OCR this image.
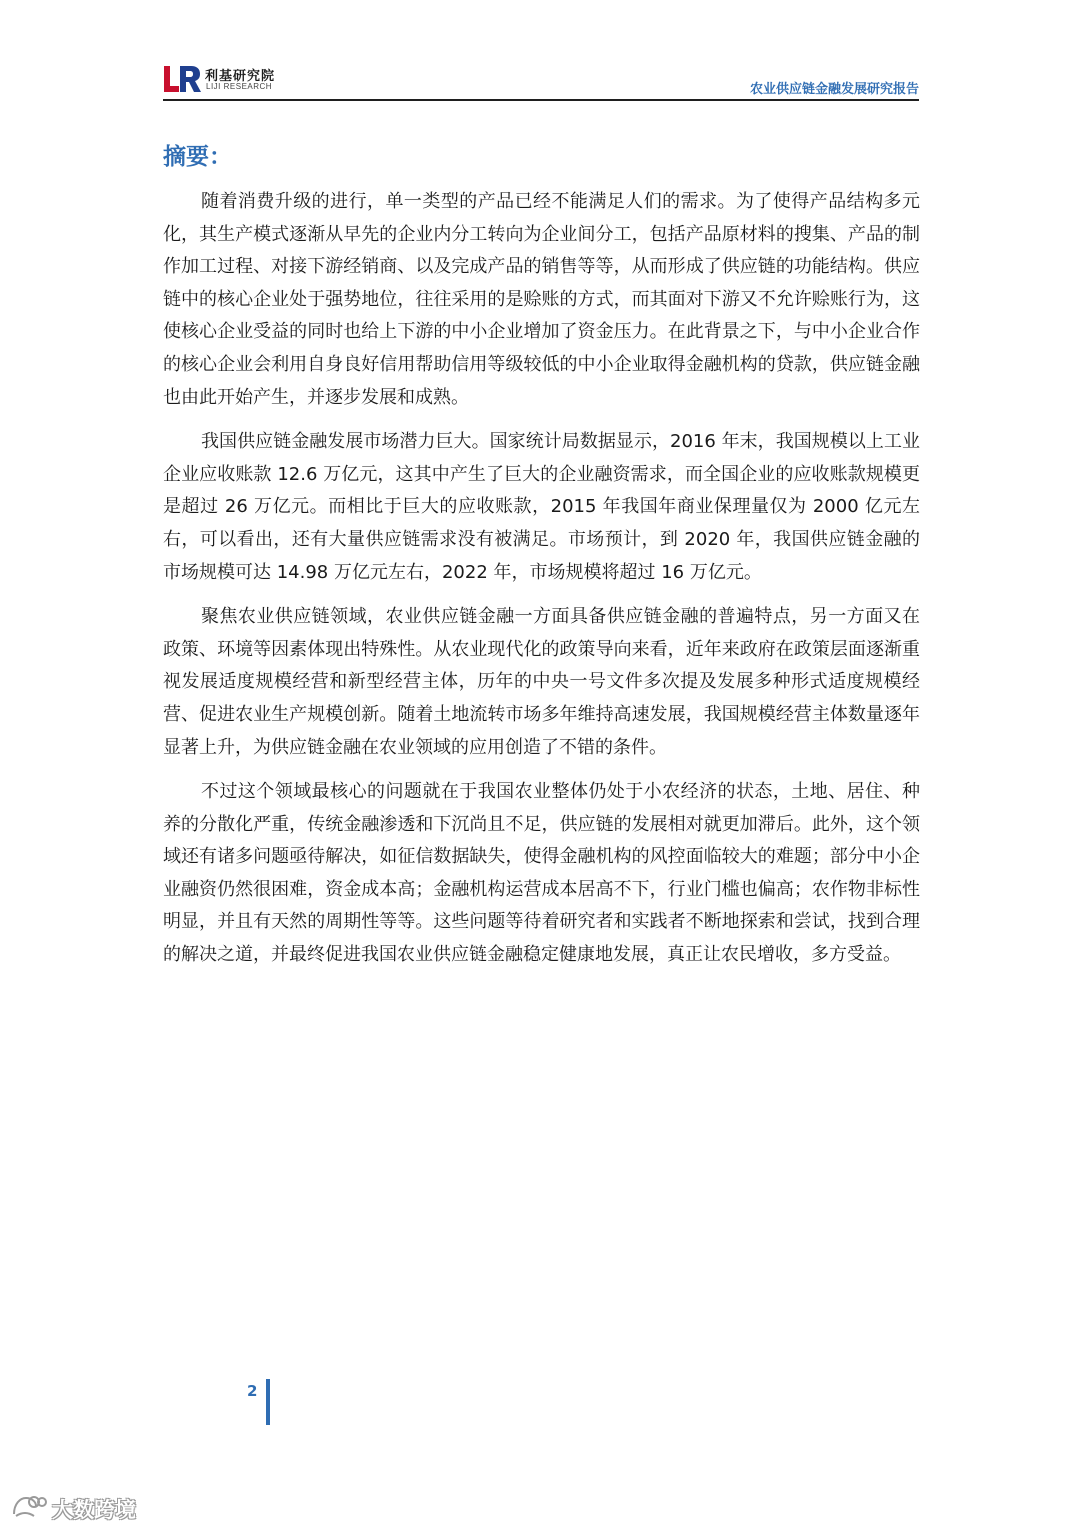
利基研究院
LIJI RESEARCH	农业供应链金融发展研究报告
摘要：

随着消费升级的进行，单一类型的产品已经不能满足人们的需求。为了使得产品结构多元化，其生产模式逐渐从早先的企业内分工转向为企业间分工，包括产品原材料的搜集、产品的制作加工过程、对接下游经销商、以及完成产品的销售等等，从而形成了供应链的功能结构。供应链中的核心企业处于强势地位，往往采用的是赊账的方式，而其面对下游又不允许赊账行为，这使核心企业受益的同时也给上下游的中小企业增加了资金压力。在此背景之下，与中小企业合作的核心企业会利用自身良好信用帮助信用等级较低的中小企业取得金融机构的贷款，供应链金融也由此开始产生，并逐步发展和成熟。

我国供应链金融发展市场潜力巨大。国家统计局数据显示，2016 年末，我国规模以上工业企业应收账款 12.6 万亿元，这其中产生了巨大的企业融资需求，而全国企业的应收账款规模更是超过 26 万亿元。而相比于巨大的应收账款，2015 年我国年商业保理量仅为 2000 亿元左右，可以看出，还有大量供应链需求没有被满足。市场预计，到 2020 年，我国供应链金融的市场规模可达 14.98 万亿元左右，2022 年，市场规模将超过 16 万亿元。

聚焦农业供应链领域，农业供应链金融一方面具备供应链金融的普遍特点，另一方面又在政策、环境等因素体现出特殊性。从农业现代化的政策导向来看，近年来政府在政策层面逐渐重视发展适度规模经营和新型经营主体，历年的中央一号文件多次提及发展多种形式适度规模经营、促进农业生产规模创新。随着土地流转市场多年维持高速发展，我国规模经营主体数量逐年显著上升，为供应链金融在农业领域的应用创造了不错的条件。

不过这个领域最核心的问题就在于我国农业整体仍处于小农经济的状态，土地、居住、种养的分散化严重，传统金融渗透和下沉尚且不足，供应链的发展相对就更加滞后。此外，这个领域还有诸多问题亟待解决，如征信数据缺失，使得金融机构的风控面临较大的难题；部分中小企业融资仍然很困难，资金成本高；金融机构运营成本居高不下，行业门槛也偏高；农作物非标性明显，并且有天然的周期性等等。这些问题等待着研究者和实践者不断地探索和尝试，找到合理的解决之道，并最终促进我国农业供应链金融稳定健康地发展，真正让农民增收，多方受益。

2
大数跨境
